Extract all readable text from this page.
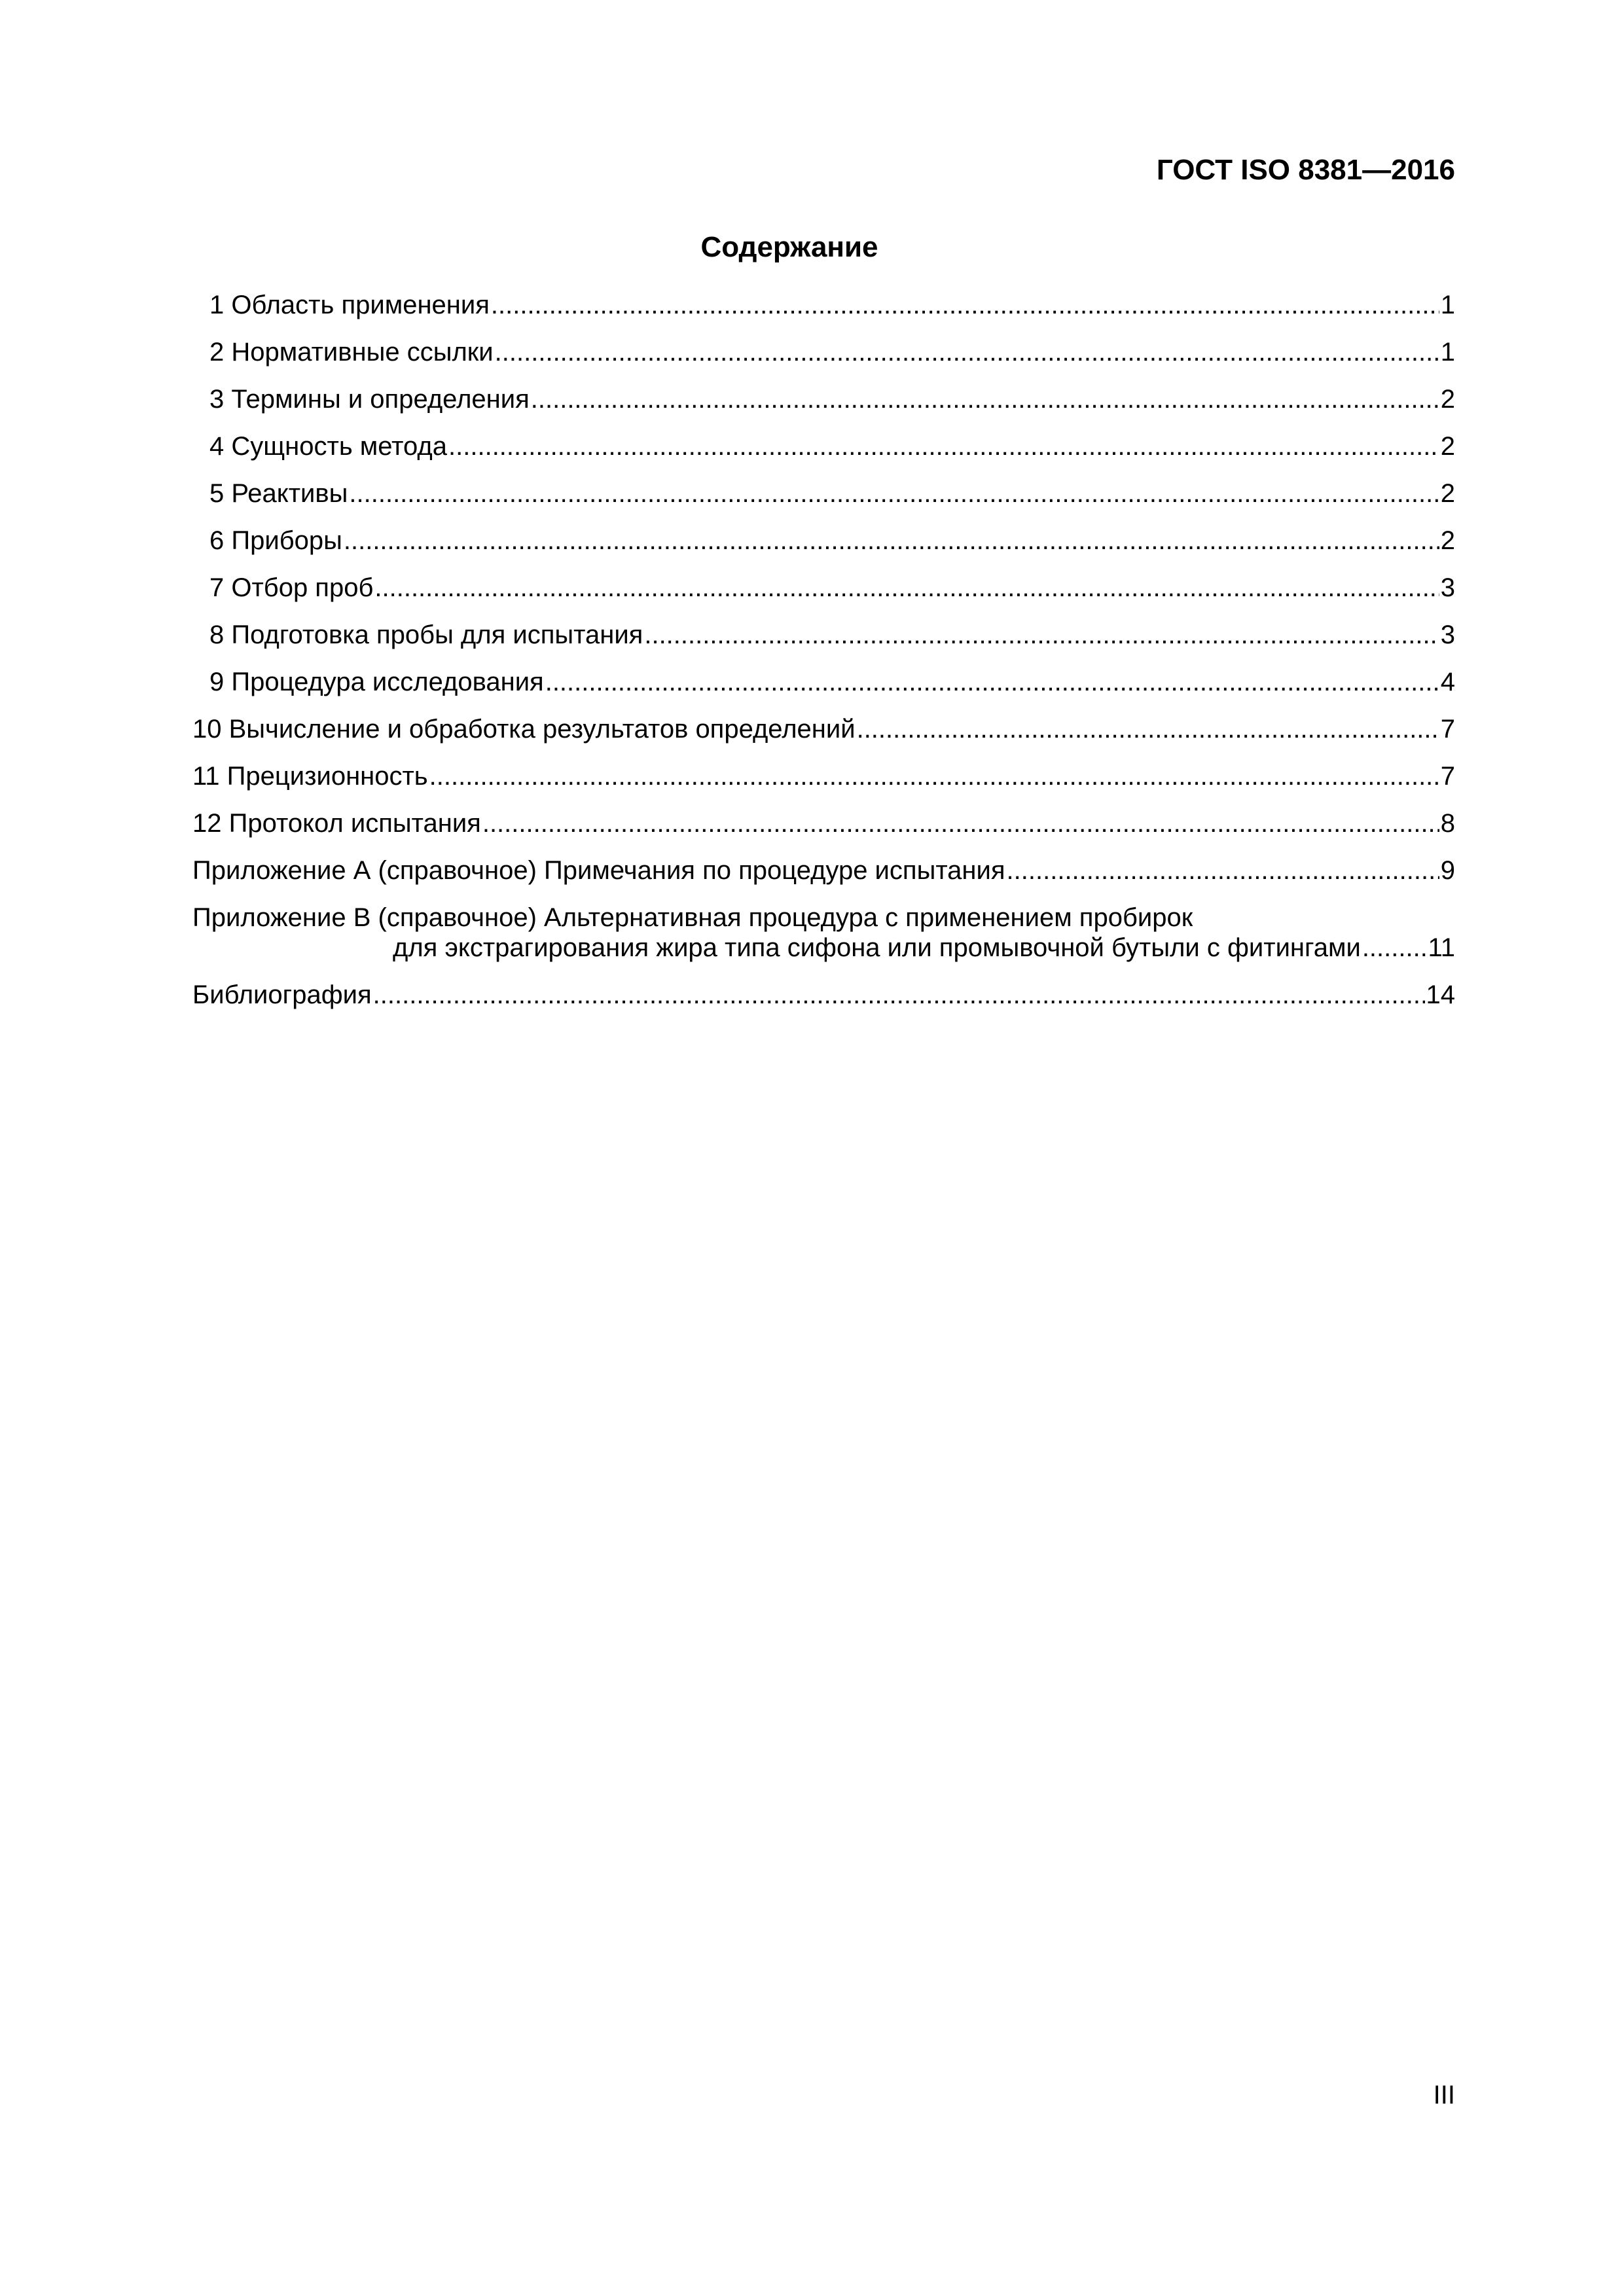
ГОСТ ISO 8381—2016
Содержание
1 Область применения .....	1
2 Нормативные ссылки .....	1
3 Термины и определения .....	2
4 Сущность метода .....	2
5 Реактивы .....	2
6 Приборы .....	2
7 Отбор проб .....	3
8 Подготовка пробы для испытания .....	3
9 Процедура исследования .....	4
10 Вычисление и обработка результатов определений .....	7
11 Прецизионность .....	7
12 Протокол испытания .....	8
Приложение А (справочное) Примечания по процедуре испытания .....	9
Приложение В (справочное) Альтернативная процедура с применением пробирок
для экстрагирования жира типа сифона или промывочной бутыли с фитингами .....	11
Библиография .....	14
III
